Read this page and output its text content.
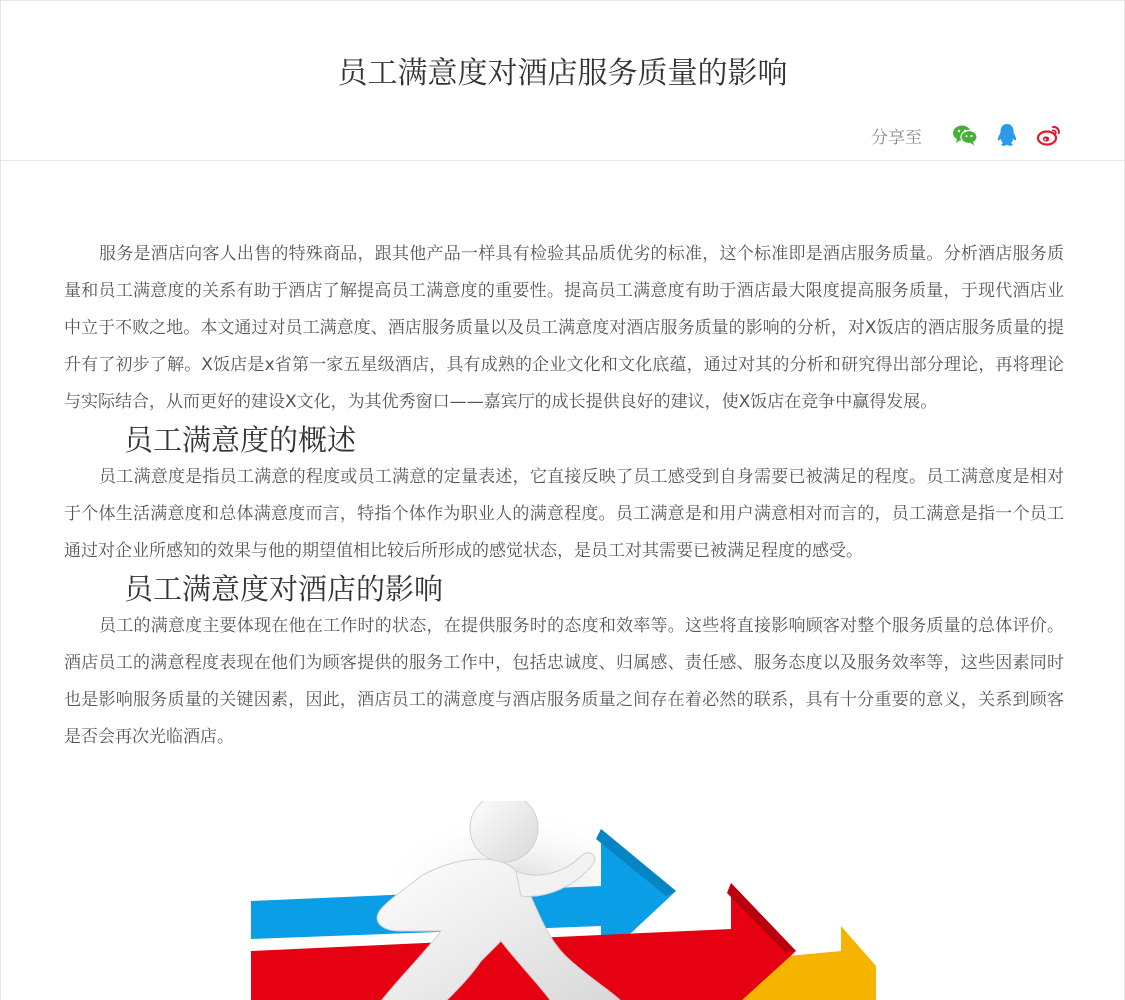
员工满意度对酒店服务质量的影响
分享至

服务是酒店向客人出售的特殊商品，跟其他产品一样具有检验其品质优劣的标准，这个标准即是酒店服务质量。分析酒店服务质量和员工满意度的关系有助于酒店了解提高员工满意度的重要性。提高员工满意度有助于酒店最大限度提高服务质量，于现代酒店业中立于不败之地。本文通过对员工满意度、酒店服务质量以及员工满意度对酒店服务质量的影响的分析，对X饭店的酒店服务质量的提升有了初步了解。X饭店是x省第一家五星级酒店，具有成熟的企业文化和文化底蕴，通过对其的分析和研究得出部分理论，再将理论与实际结合，从而更好的建设X文化，为其优秀窗口——嘉宾厅的成长提供良好的建议，使X饭店在竞争中赢得发展。

员工满意度的概述

员工满意度是指员工满意的程度或员工满意的定量表述，它直接反映了员工感受到自身需要已被满足的程度。员工满意度是相对于个体生活满意度和总体满意度而言，特指个体作为职业人的满意程度。员工满意是和用户满意相对而言的，员工满意是指一个员工通过对企业所感知的效果与他的期望值相比较后所形成的感觉状态，是员工对其需要已被满足程度的感受。

员工满意度对酒店的影响

员工的满意度主要体现在他在工作时的状态，在提供服务时的态度和效率等。这些将直接影响顾客对整个服务质量的总体评价。酒店员工的满意程度表现在他们为顾客提供的服务工作中，包括忠诚度、归属感、责任感、服务态度以及服务效率等，这些因素同时也是影响服务质量的关键因素，因此，酒店员工的满意度与酒店服务质量之间存在着必然的联系，具有十分重要的意义，关系到顾客是否会再次光临酒店。
